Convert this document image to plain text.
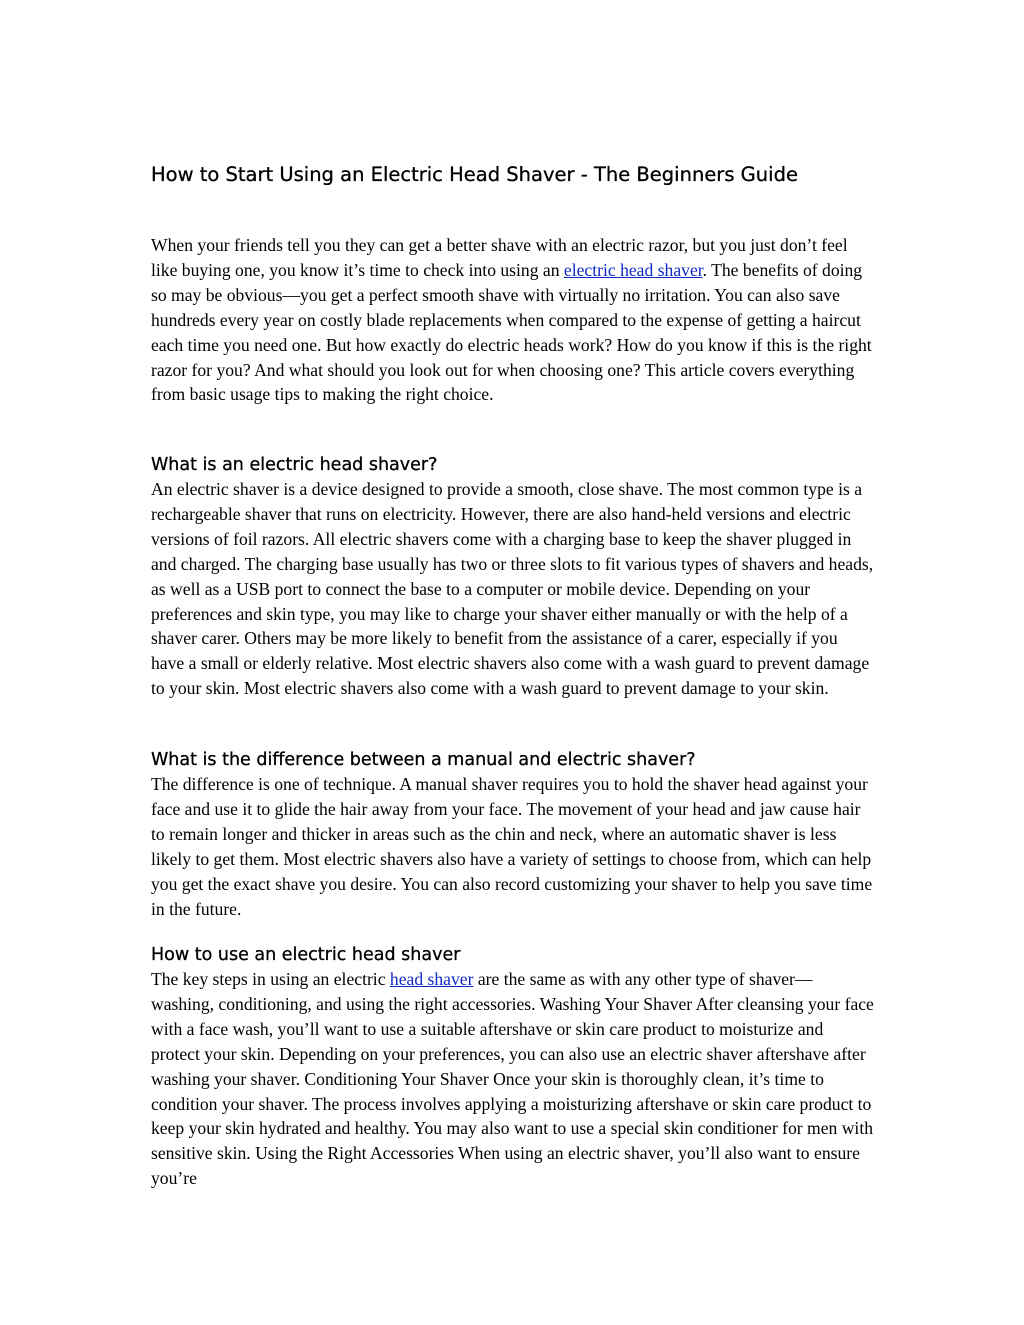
How to Start Using an Electric Head Shaver - The Beginners Guide

When your friends tell you they can get a better shave with an electric razor, but you just don’t feel like buying one, you know it’s time to check into using an electric head shaver. The benefits of doing so may be obvious—you get a perfect smooth shave with virtually no irritation. You can also save hundreds every year on costly blade replacements when compared to the expense of getting a haircut each time you need one. But how exactly do electric heads work? How do you know if this is the right razor for you? And what should you look out for when choosing one? This article covers everything from basic usage tips to making the right choice.

What is an electric head shaver?

An electric shaver is a device designed to provide a smooth, close shave. The most common type is a rechargeable shaver that runs on electricity. However, there are also hand-held versions and electric versions of foil razors. All electric shavers come with a charging base to keep the shaver plugged in and charged. The charging base usually has two or three slots to fit various types of shavers and heads, as well as a USB port to connect the base to a computer or mobile device. Depending on your preferences and skin type, you may like to charge your shaver either manually or with the help of a shaver carer. Others may be more likely to benefit from the assistance of a carer, especially if you have a small or elderly relative. Most electric shavers also come with a wash guard to prevent damage to your skin. Most electric shavers also come with a wash guard to prevent damage to your skin.

What is the difference between a manual and electric shaver?

The difference is one of technique. A manual shaver requires you to hold the shaver head against your face and use it to glide the hair away from your face. The movement of your head and jaw cause hair to remain longer and thicker in areas such as the chin and neck, where an automatic shaver is less likely to get them. Most electric shavers also have a variety of settings to choose from, which can help you get the exact shave you desire. You can also record customizing your shaver to help you save time in the future.

How to use an electric head shaver

The key steps in using an electric head shaver are the same as with any other type of shaver—washing, conditioning, and using the right accessories. Washing Your Shaver After cleansing your face with a face wash, you’ll want to use a suitable aftershave or skin care product to moisturize and protect your skin. Depending on your preferences, you can also use an electric shaver aftershave after washing your shaver. Conditioning Your Shaver Once your skin is thoroughly clean, it’s time to condition your shaver. The process involves applying a moisturizing aftershave or skin care product to keep your skin hydrated and healthy. You may also want to use a special skin conditioner for men with sensitive skin. Using the Right Accessories When using an electric shaver, you’ll also want to ensure you’re
